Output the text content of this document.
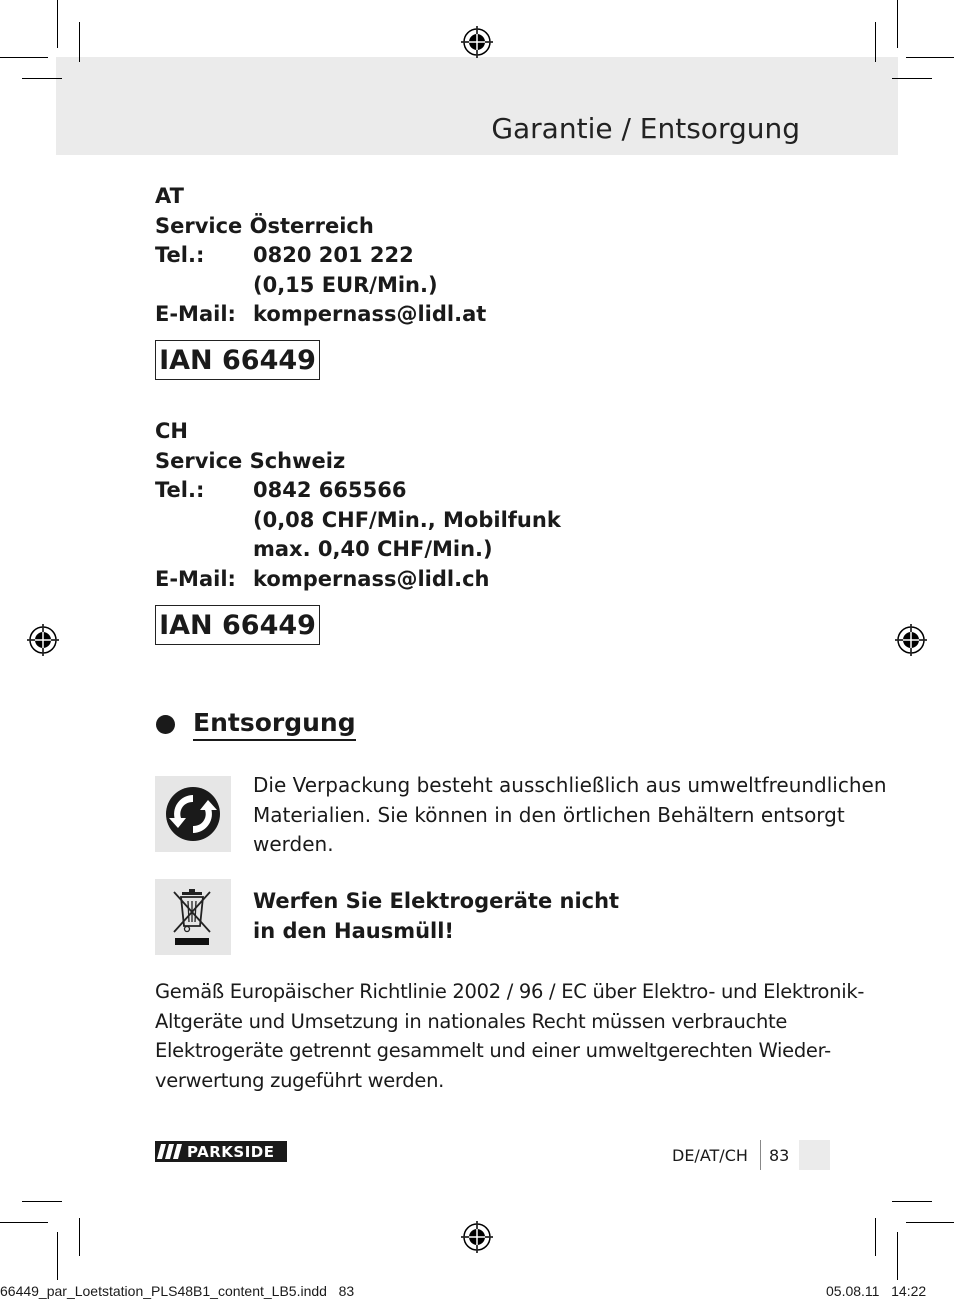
Garantie / Entsorgung
AT
Service Österreich
Tel.:	0820 201 222
(0,15 EUR/Min.)
E-Mail: kompernass@lidl.at
IAN 66449
CH
Service Schweiz
Tel.:	0842 665566
(0,08 CHF/Min., Mobilfunk
max. 0,40 CHF/Min.)
E-Mail: kompernass@lidl.ch
IAN 66449
Entsorgung
Die Verpackung besteht ausschließlich aus umweltfreundlichen
Materialien. Sie können in den örtlichen Behältern entsorgt
werden.
Werfen Sie Elektrogeräte nicht
in den Hausmüll!
Gemäß Europäischer Richtlinie 2002 / 96 / EC über Elektro- und Elektronik-
Altgeräte und Umsetzung in nationales Recht müssen verbrauchte
Elektrogeräte getrennt gesammelt und einer umweltgerechten Wieder-
verwertung zugeführt werden.
PARKSIDE	DE/AT/CH 83
66449_par_Loetstation_PLS48B1_content_LB5.indd   83	05.08.11   14:22
